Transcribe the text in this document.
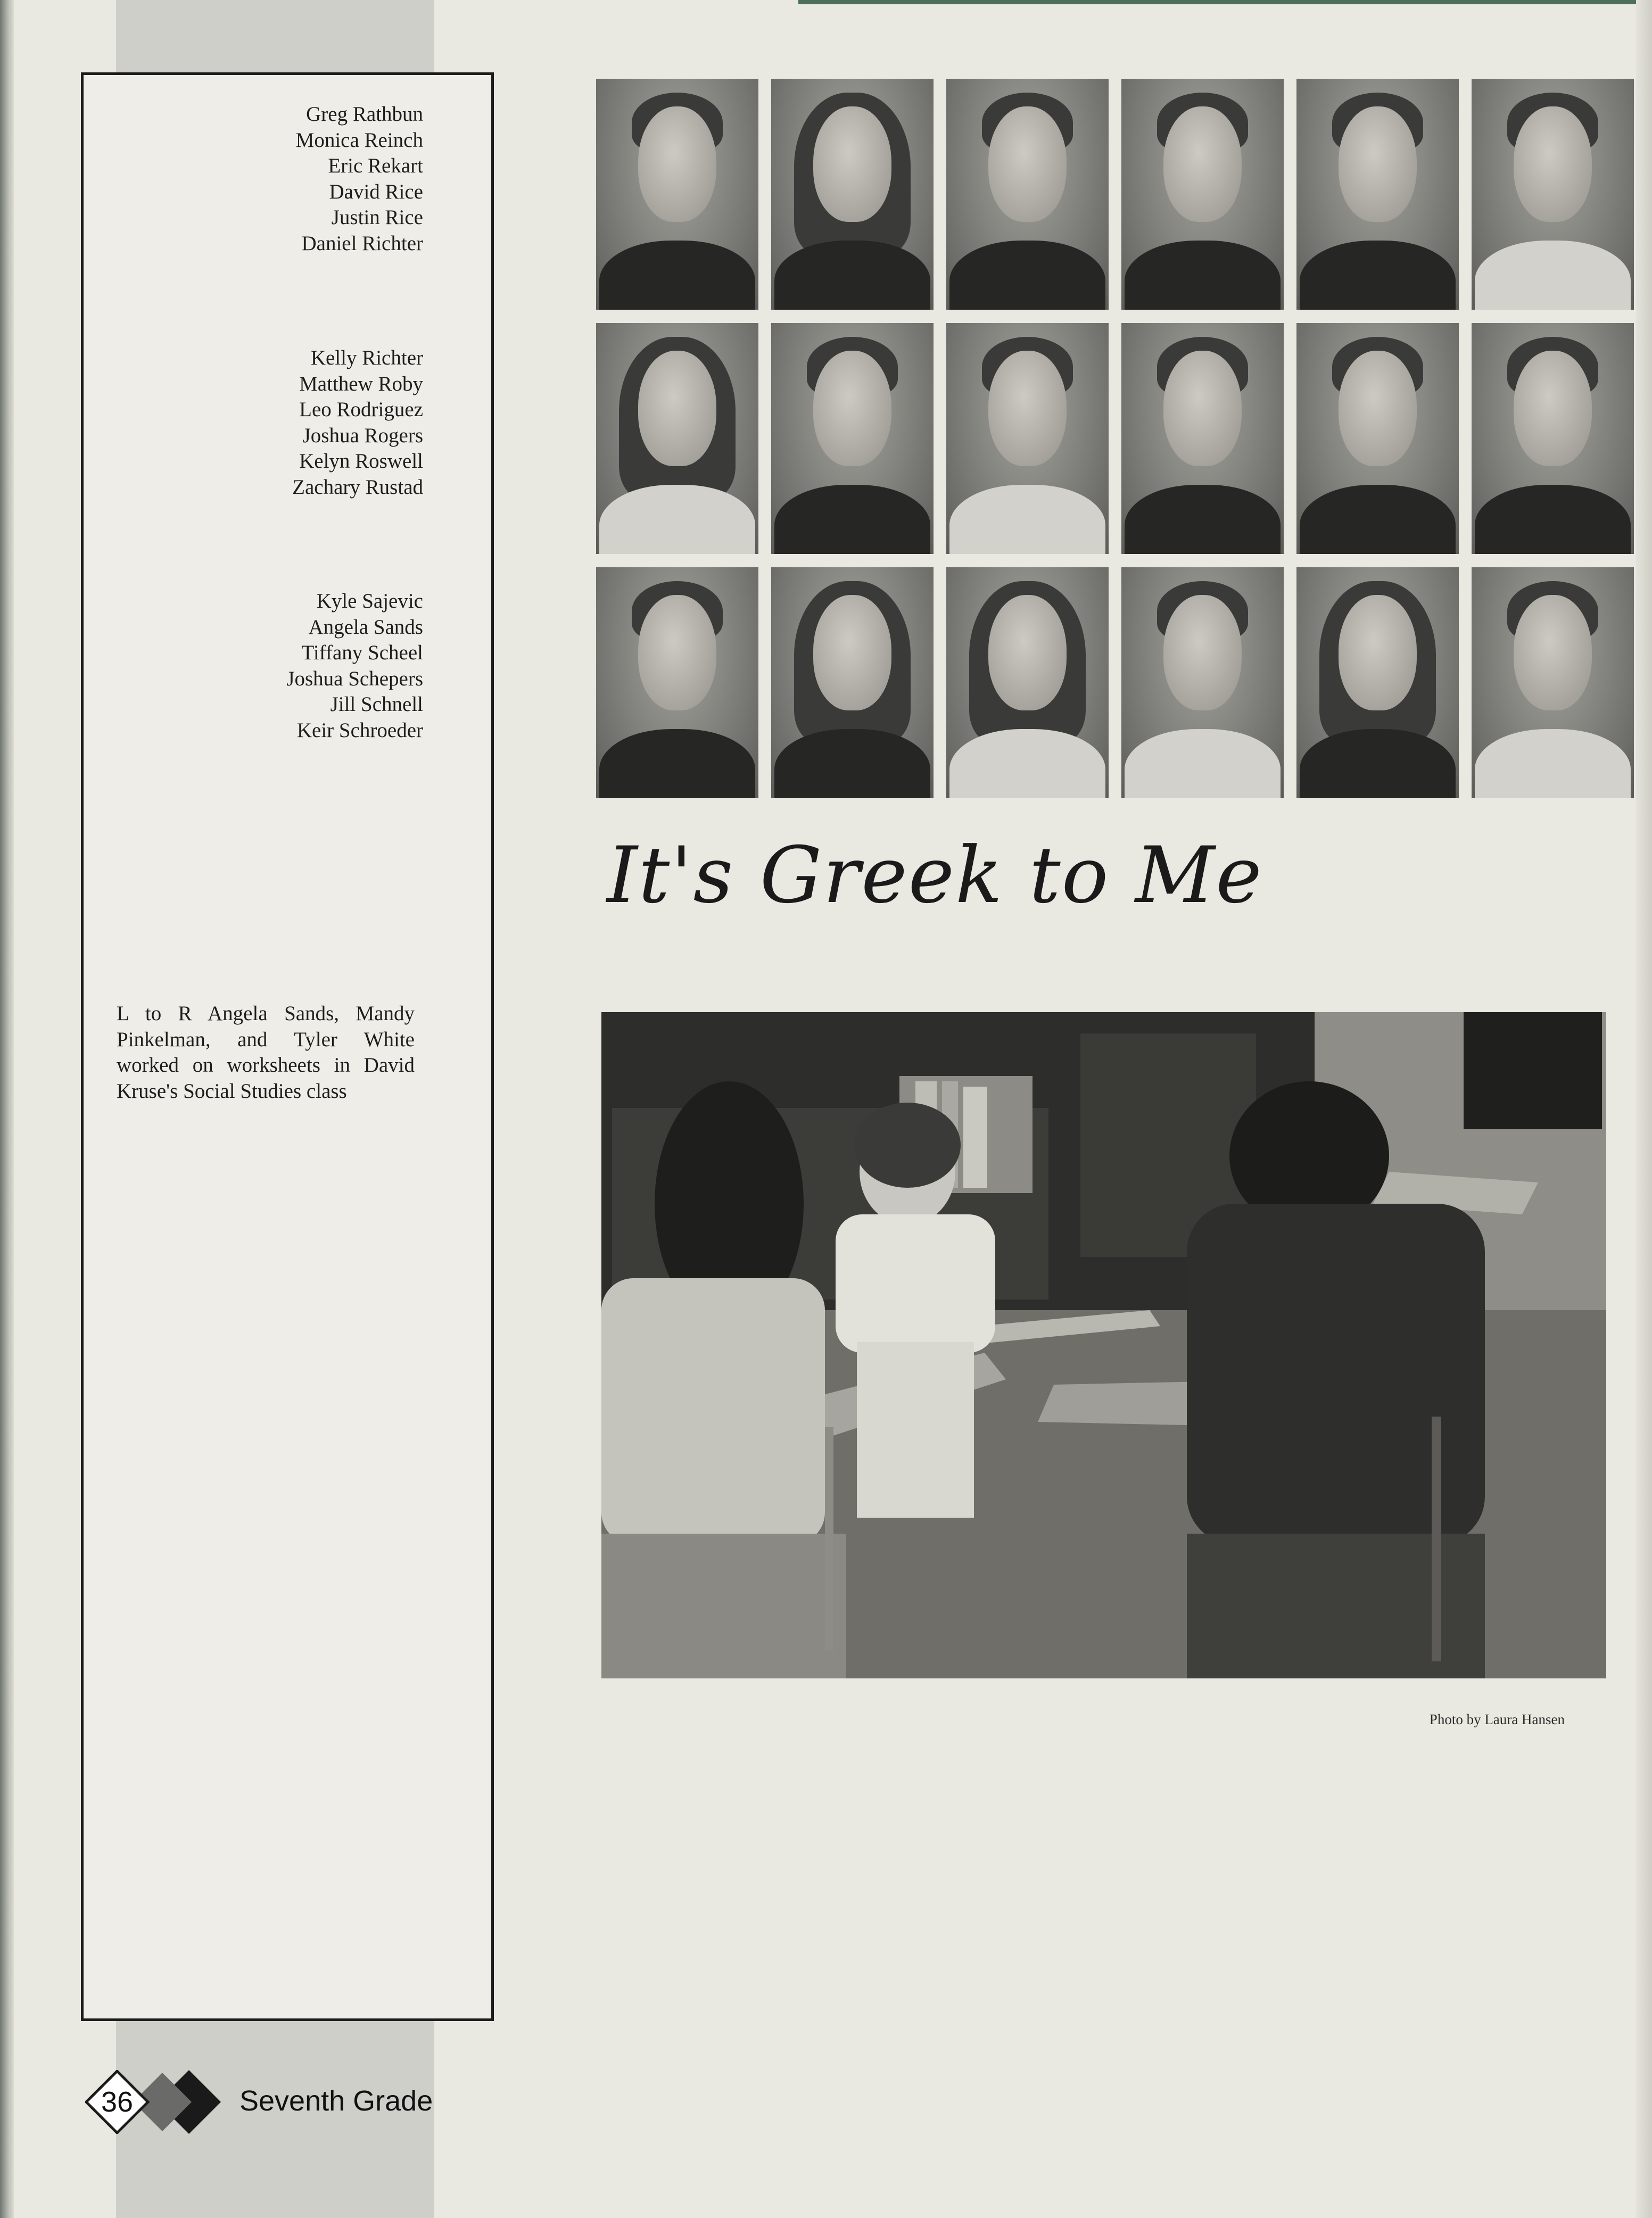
Greg Rathbun
Monica Reinch
Eric Rekart
David Rice
Justin Rice
Daniel Richter
Kelly Richter
Matthew Roby
Leo Rodriguez
Joshua Rogers
Kelyn Roswell
Zachary Rustad
Kyle Sajevic
Angela Sands
Tiffany Scheel
Joshua Schepers
Jill Schnell
Keir Schroeder

L to R Angela Sands, Mandy Pinkelman, and Tyler White worked on worksheets in David Kruse's Social Studies class

It's Greek to Me
Photo by Laura Hansen
36	Seventh Grade
